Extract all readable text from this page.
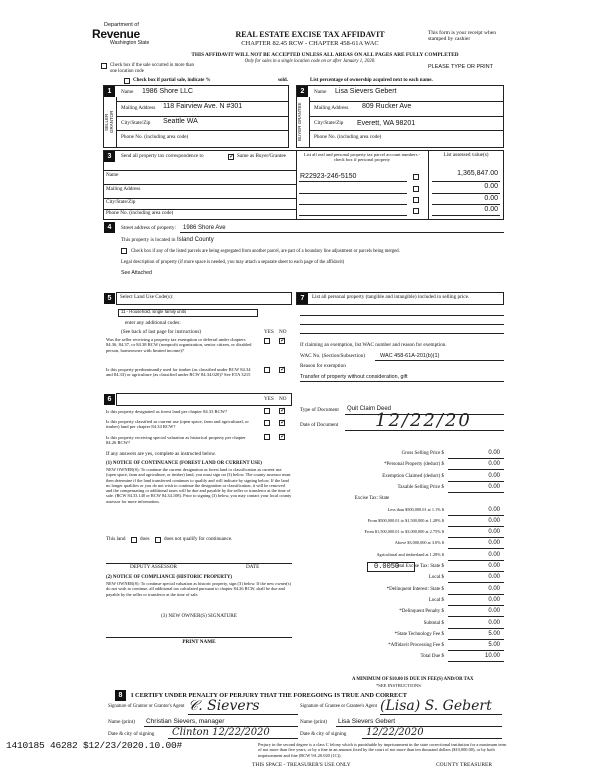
Department of
Revenue
Washington State
REAL ESTATE EXCISE TAX AFFIDAVIT
CHAPTER 82.45 RCW - CHAPTER 458-61A WAC
This form is your receipt when stamped by cashier
THIS AFFIDAVIT WILL NOT BE ACCEPTED UNLESS ALL AREAS ON ALL PAGES ARE FULLY COMPLETED
Only for sales in a single location code on or after January 1, 2020.
Check box if the sale occurred in more than one location code
PLEASE TYPE OR PRINT
Check box if partial sale, indicate %	sold.	List percentage of ownership acquired next to each name.
1	2
SELLER GRANTOR
Name 1986 Shore LLC
Mailing Address 118 Fairview Ave. N #301
City/State/Zip Seattle WA
Phone No. (including area code)	BUYER GRANTEE
Name Lisa Sievers Gebert
Mailing Address 809 Rucker Ave
City/State/Zip Everett, WA 98201
Phone No. (including area code)
3	Send all property tax correspondence to
✓	Same as Buyer/Grantee	List all real and personal property tax parcel account numbers - check box if personal property
List assessed value(s)
Name
Mailing Address
City/State/Zip
Phone No. (including area code)
R22923-246-5150	1,365,847.00
0.00
0.00
0.00
4	Street address of property: 1986 Shore Ave
This property is located in Island County
Check box if any of the listed parcels are being segregated from another parcel, are part of a boundary line adjustment or parcels being merged.
Legal description of property (if more space is needed, you may attach a separate sheet to each page of the affidavit)
See Attached
5	Select Land Use Code(s):
11 - Household, single family units
enter any additional codes:
(See back of last page for instructions)	YES NO
Was the seller receiving a property tax exemption or deferral under chapters 84.36, 84.37, or 84.38 RCW (nonprofit organization, senior citizen, or disabled person, homeowner with limited income)?
✓
Is this property predominantly used for timber (as classified under RCW 84.34 and 84.33) or agriculture (as classified under RCW 84.34.020)? See ETA 3215
✓
6	YES NO
Is this property designated as forest land per chapter 84.33 RCW?
✓
Is this property classified as current use (open space, farm and agricultural, or timber) land per chapter 84.34 RCW?
✓
Is this property receiving special valuation as historical property per chapter 84.26 RCW?
✓
If any answers are yes, complete as instructed below.
(1) NOTICE OF CONTINUANCE (FOREST LAND OR CURRENT USE)
NEW OWNER(S): To continue the current designation as forest land or classification as current use (open space, farm and agriculture, or timber) land, you must sign on (3) below. The county assessor must then determine if the land transferred continues to qualify and will indicate by signing below. If the land no longer qualifies or you do not wish to continue the designation or classification, it will be removed and the compensating or additional taxes will be due and payable by the seller or transferor at the time of sale. (RCW 84.33.140 or RCW 84.34.108). Prior to signing (3) below, you may contact your local county assessor for more information.
This land	does	does not qualify for continuance.
DEPUTY ASSESSOR	DATE
(2) NOTICE OF COMPLIANCE (HISTORIC PROPERTY)
NEW OWNER(S): To continue special valuation as historic property, sign (3) below. If the new owner(s) do not wish to continue, all additional tax calculated pursuant to chapter 84.26 RCW, shall be due and payable by the seller or transferor at the time of sale.
(3) NEW OWNER(S) SIGNATURE
PRINT NAME
7	List all personal property (tangible and intangible) included in selling price.
If claiming an exemption, list WAC number and reason for exemption.
WAC No. (Section/Subsection)	WAC 458-61A-201(b)(1)
Reason for exemption
Transfer of property without consideration, gift
Type of Document Quit Claim Deed
Date of Document 12/22/20
Gross Selling Price $	0.00
*Personal Property (deduct) $	0.00
Exemption Claimed (deduct) $	0.00
Taxable Selling Price $	0.00
Excise Tax: State
Less than $500,000.01 at 1.1% $	0.00
From $500,000.01 to $1,500,000 at 1.28% $	0.00
From $1,500,000.01 to $3,000,000 at 2.75% $	0.00
Above $3,000,000 at 3.0% $	0.00
Agricultural and timberland at 1.28% $	0.00
Total Excise Tax: State $	0.00
Local $	0.00
*Delinquent Interest: State $	0.00
Local $	0.00
*Delinquent Penalty $	0.00
Subtotal $	0.00
*State Technology Fee $	5.00
*Affidavit Processing Fee $	5.00
Total Due $	10.00
0.0050
A MINIMUM OF $10.00 IS DUE IN FEE(S) AND/OR TAX
*SEE INSTRUCTIONS
8	I CERTIFY UNDER PENALTY OF PERJURY THAT THE FOREGOING IS TRUE AND CORRECT
Signature of Grantor or Grantor's Agent 𝒞. Sievers	Signature of Grantee or Grantee's Agent (Lisa) S. Gebert
Name (print) Christian Sievers, manager	Name (print) Lisa Sievers Gebert
Date & city of signing Clinton 12/22/2020	Date & city of signing 12/22/2020
1410185 46282 $12/23/2020.10.00#	Perjury in the second degree is a class C felony which is punishable by imprisonment in the state correctional institution for a maximum term of not more than five years, or by a fine in an amount fixed by the court of not more than ten thousand dollars ($10,000.00), or by both imprisonment and fine (RCW 9A.20.020 (1C)).
THIS SPACE - TREASURER'S USE ONLY	COUNTY TREASURER
